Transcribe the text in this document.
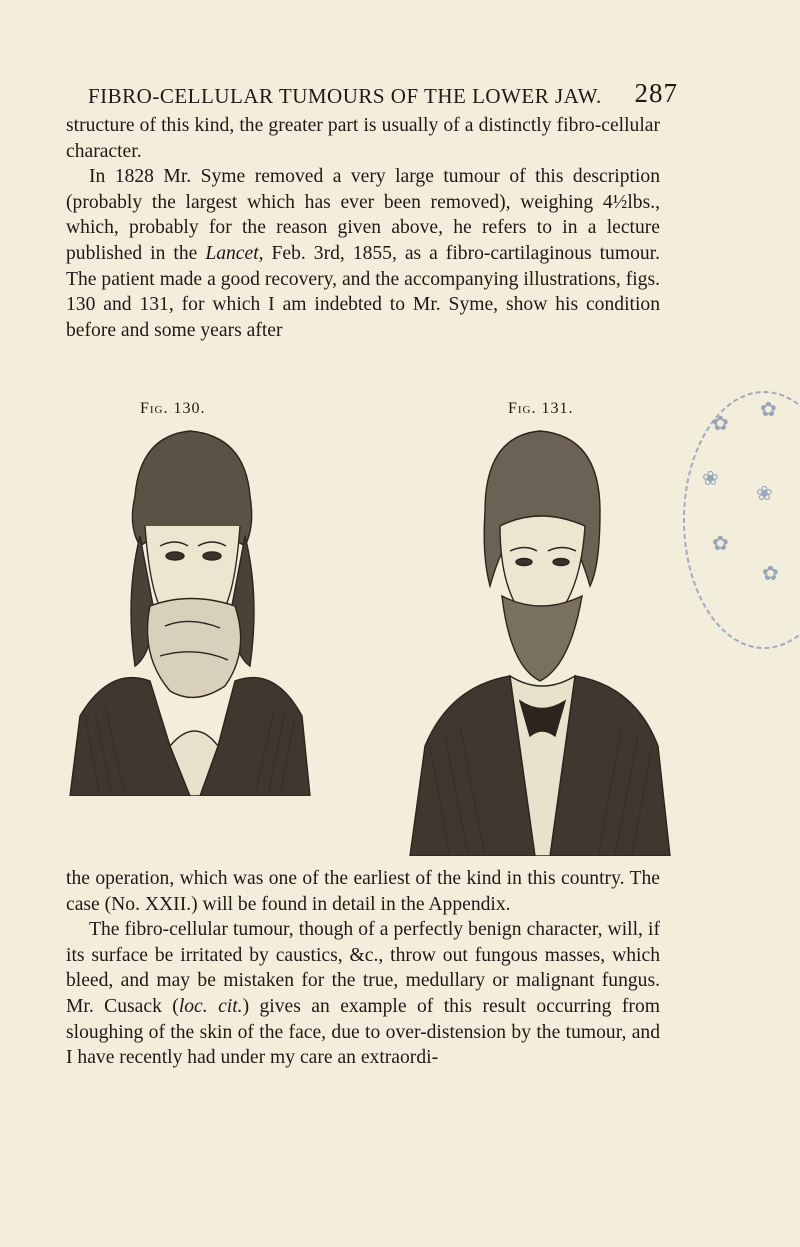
FIBRO-CELLULAR TUMOURS OF THE LOWER JAW. 287

structure of this kind, the greater part is usually of a distinctly fibro-cellular character.

In 1828 Mr. Syme removed a very large tumour of this description (probably the largest which has ever been removed), weighing 4½lbs., which, probably for the reason given above, he refers to in a lecture published in the Lancet, Feb. 3rd, 1855, as a fibro-cartilaginous tumour. The patient made a good recovery, and the accompanying illustrations, figs. 130 and 131, for which I am indebted to Mr. Syme, show his condition before and some years after

Fig. 130.	Fig. 131.
✿
✿
❀
❀
✿
✿

the operation, which was one of the earliest of the kind in this country. The case (No. XXII.) will be found in detail in the Appendix.

The fibro-cellular tumour, though of a perfectly benign character, will, if its surface be irritated by caustics, &c., throw out fungous masses, which bleed, and may be mistaken for the true, medullary or malignant fungus. Mr. Cusack (loc. cit.) gives an example of this result occurring from sloughing of the skin of the face, due to over-distension by the tumour, and I have recently had under my care an extraordi-
